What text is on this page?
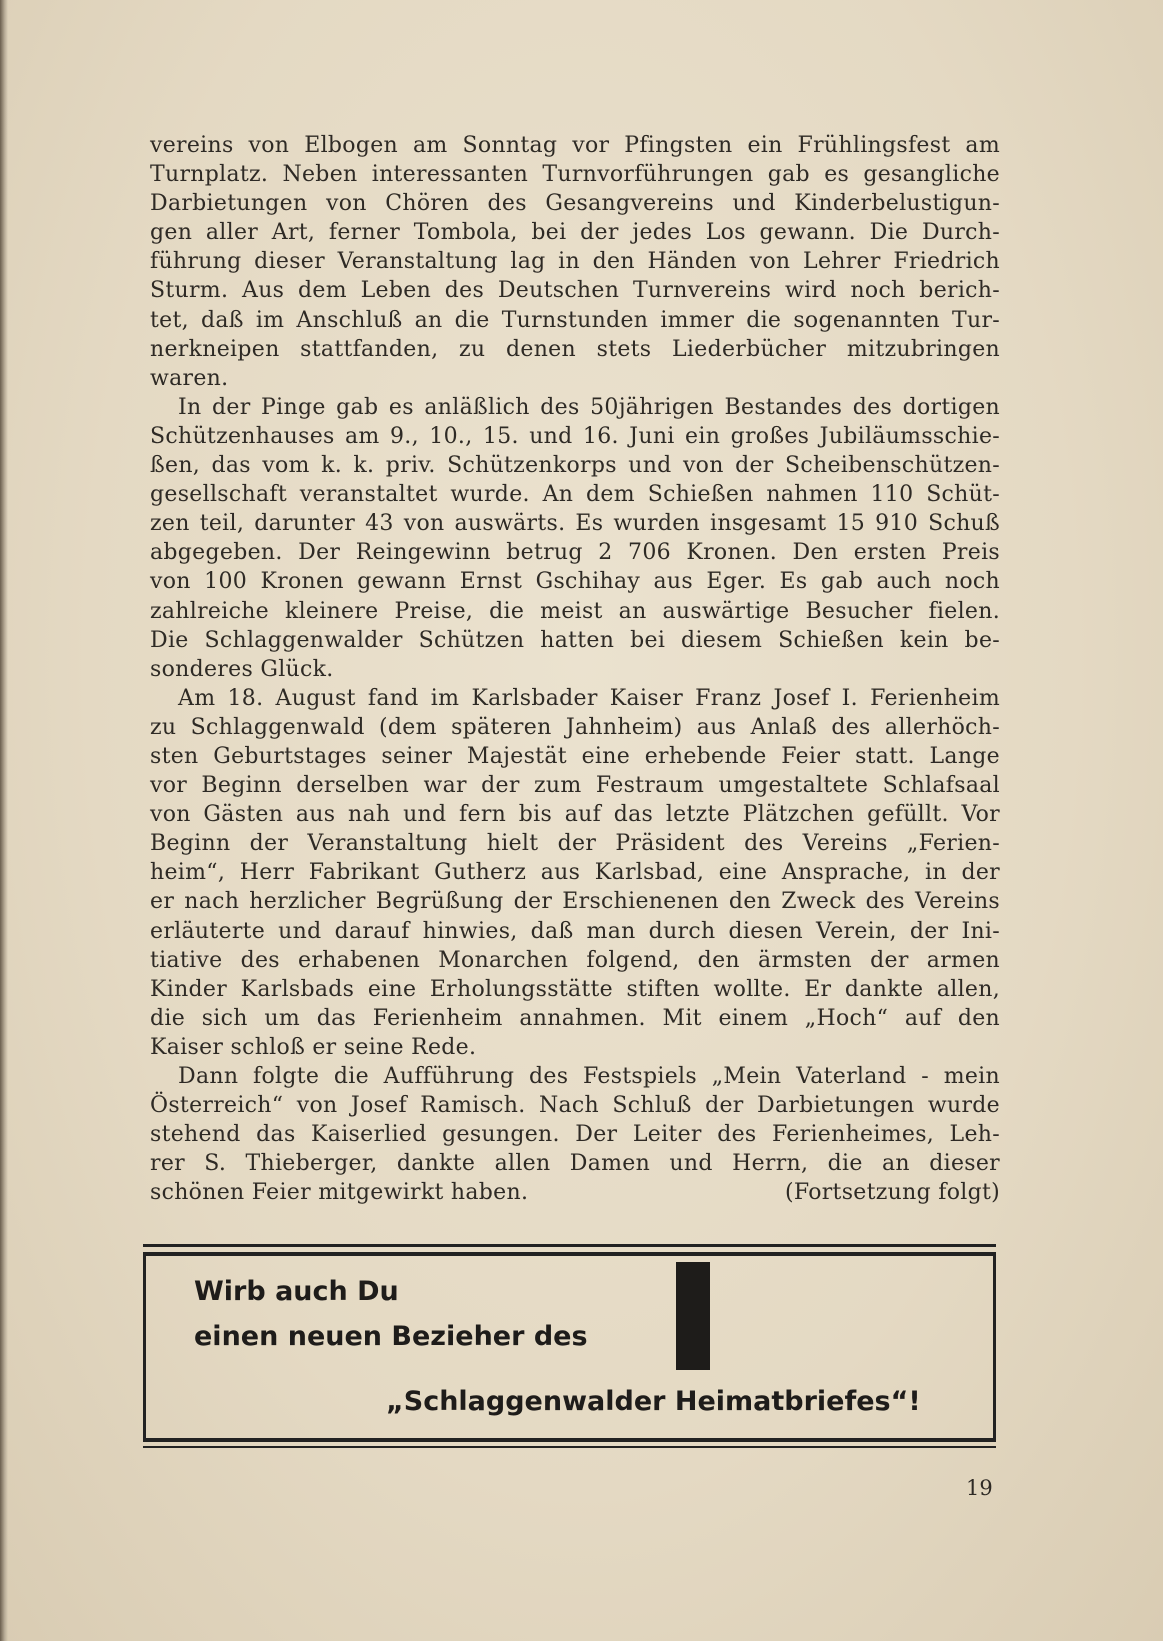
vereins von Elbogen am Sonntag vor Pfingsten ein Frühlingsfest am
Turnplatz. Neben interessanten Turnvorführungen gab es gesangliche
Darbietungen von Chören des Gesangvereins und Kinderbelustigun-
gen aller Art, ferner Tombola, bei der jedes Los gewann. Die Durch-
führung dieser Veranstaltung lag in den Händen von Lehrer Friedrich
Sturm. Aus dem Leben des Deutschen Turnvereins wird noch berich-
tet, daß im Anschluß an die Turnstunden immer die sogenannten Tur-
nerkneipen stattfanden, zu denen stets Liederbücher mitzubringen
waren.
In der Pinge gab es anläßlich des 50jährigen Bestandes des dortigen
Schützenhauses am 9., 10., 15. und 16. Juni ein großes Jubiläumsschie-
ßen, das vom k. k. priv. Schützenkorps und von der Scheibenschützen-
gesellschaft veranstaltet wurde. An dem Schießen nahmen 110 Schüt-
zen teil, darunter 43 von auswärts. Es wurden insgesamt 15 910 Schuß
abgegeben. Der Reingewinn betrug 2 706 Kronen. Den ersten Preis
von 100 Kronen gewann Ernst Gschihay aus Eger. Es gab auch noch
zahlreiche kleinere Preise, die meist an auswärtige Besucher fielen.
Die Schlaggenwalder Schützen hatten bei diesem Schießen kein be-
sonderes Glück.
Am 18. August fand im Karlsbader Kaiser Franz Josef I. Ferienheim
zu Schlaggenwald (dem späteren Jahnheim) aus Anlaß des allerhöch-
sten Geburtstages seiner Majestät eine erhebende Feier statt. Lange
vor Beginn derselben war der zum Festraum umgestaltete Schlafsaal
von Gästen aus nah und fern bis auf das letzte Plätzchen gefüllt. Vor
Beginn der Veranstaltung hielt der Präsident des Vereins „Ferien-
heim“, Herr Fabrikant Gutherz aus Karlsbad, eine Ansprache, in der
er nach herzlicher Begrüßung der Erschienenen den Zweck des Vereins
erläuterte und darauf hinwies, daß man durch diesen Verein, der Ini-
tiative des erhabenen Monarchen folgend, den ärmsten der armen
Kinder Karlsbads eine Erholungsstätte stiften wollte. Er dankte allen,
die sich um das Ferienheim annahmen. Mit einem „Hoch“ auf den
Kaiser schloß er seine Rede.
Dann folgte die Aufführung des Festspiels „Mein Vaterland - mein
Österreich“ von Josef Ramisch. Nach Schluß der Darbietungen wurde
stehend das Kaiserlied gesungen. Der Leiter des Ferienheimes, Leh-
rer S. Thieberger, dankte allen Damen und Herrn, die an dieser
schönen Feier mitgewirkt haben.	(Fortsetzung folgt)
Wirb auch Du
einen neuen Bezieher des
„Schlaggenwalder Heimatbriefes“!
19
